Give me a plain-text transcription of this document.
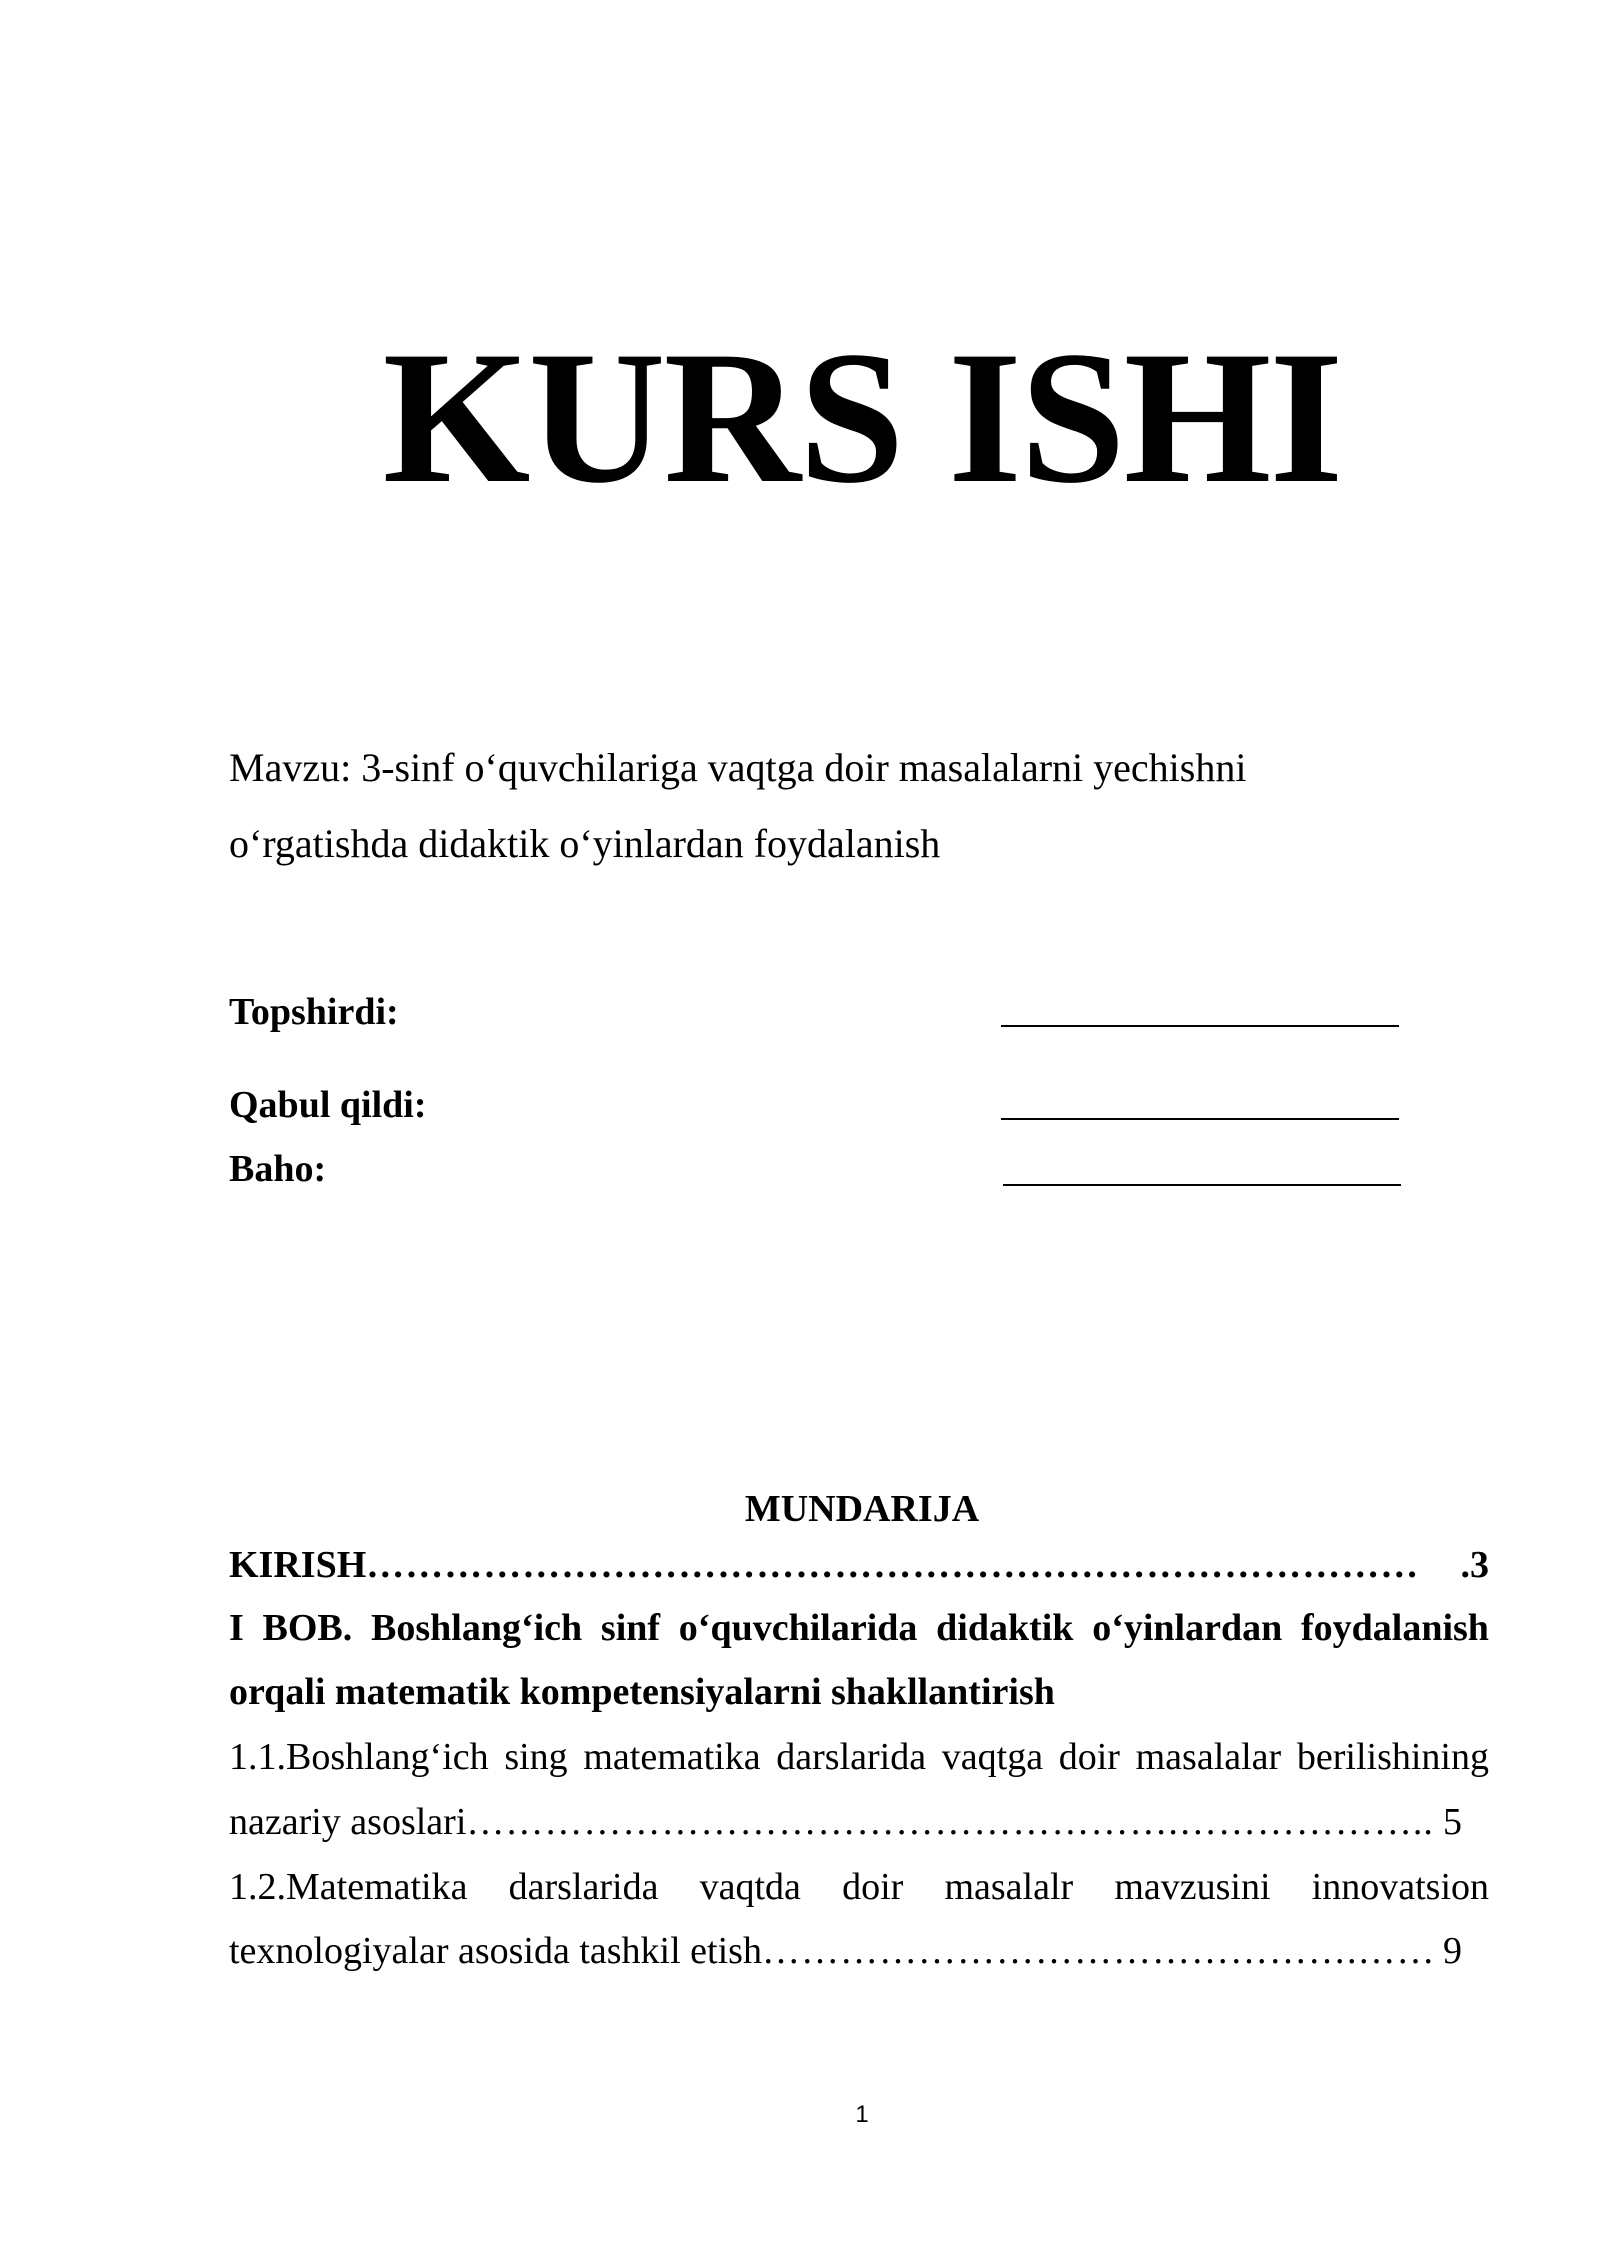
KURS ISHI
Mavzu: 3-sinf o‘quvchilariga vaqtga doir masalalarni yechishni
o‘rgatishda didaktik o‘yinlardan foydalanish
Topshirdi:
Qabul qildi:
Baho:
MUNDARIJA
KIRISH ………………………………………………………………………	.3
I BOB. Boshlang‘ich sinf o‘quvchilarida didaktik o‘yinlardan foydalanish
orqali matematik kompetensiyalarni shakllantirish
1.1.Boshlang‘ich sing matematika darslarida vaqtga doir masalalar berilishining
nazariy asoslari ……………………………………………….……………….. 5
1.2.Matematika darslarida vaqtda doir masalalr mavzusini innovatsion
texnologiyalar asosida tashkil etish ……………………………………….…… 9
1
